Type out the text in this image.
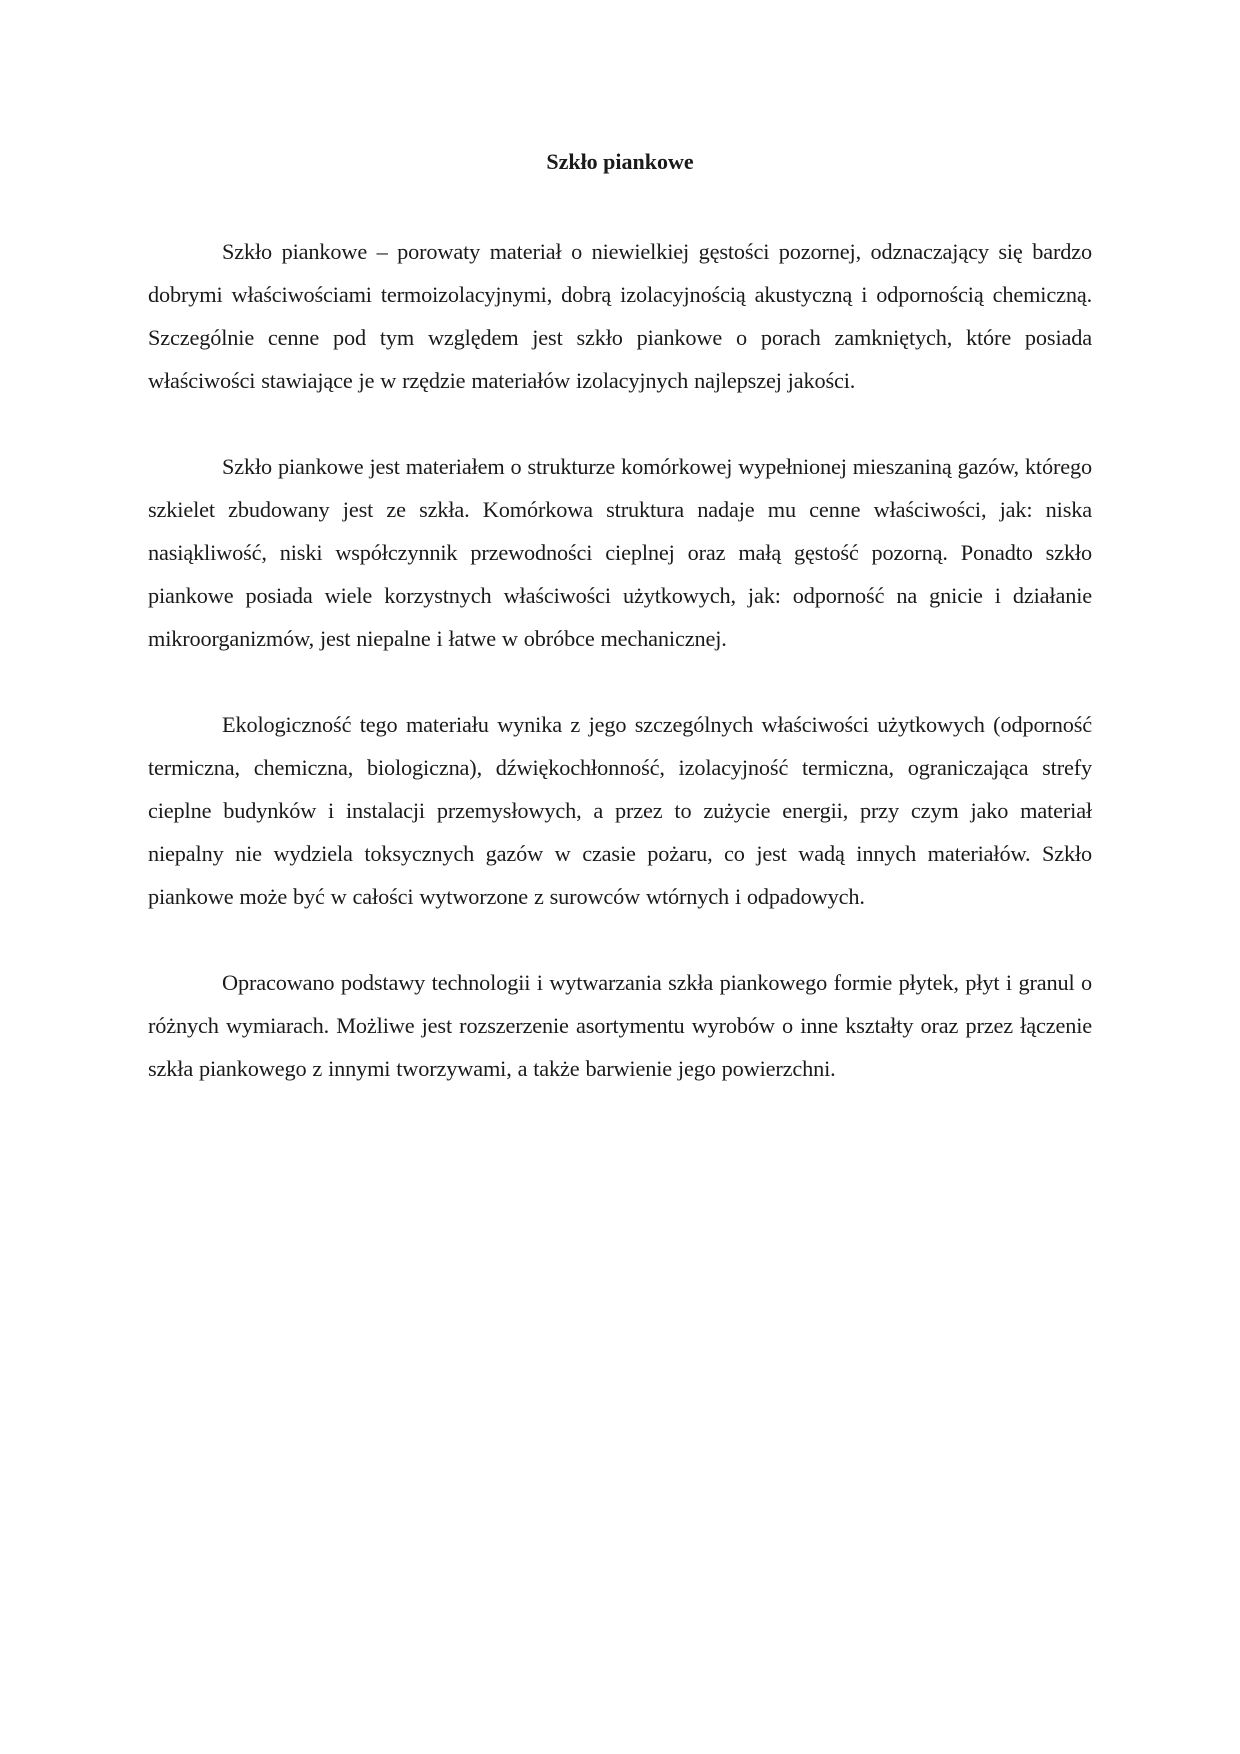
Szkło piankowe

Szkło piankowe – porowaty materiał o niewielkiej gęstości pozornej, odznaczający się bardzo dobrymi właściwościami termoizolacyjnymi, dobrą izolacyjnością akustyczną i odpornością chemiczną. Szczególnie cenne pod tym względem jest szkło piankowe o porach zamkniętych, które posiada właściwości stawiające je w rzędzie materiałów izolacyjnych najlepszej jakości.

Szkło piankowe jest materiałem o strukturze komórkowej wypełnionej mieszaniną gazów, którego szkielet zbudowany jest ze szkła. Komórkowa struktura nadaje mu cenne właściwości, jak: niska nasiąkliwość, niski współczynnik przewodności cieplnej oraz małą gęstość pozorną. Ponadto szkło piankowe posiada wiele korzystnych właściwości użytkowych, jak: odporność na gnicie i działanie mikroorganizmów, jest niepalne i łatwe w obróbce mechanicznej.

Ekologiczność tego materiału wynika z jego szczególnych właściwości użytkowych (odporność termiczna, chemiczna, biologiczna), dźwiękochłonność, izolacyjność termiczna, ograniczająca strefy cieplne budynków i instalacji przemysłowych, a przez to zużycie energii, przy czym jako materiał niepalny nie wydziela toksycznych gazów w czasie pożaru, co jest wadą innych materiałów. Szkło piankowe może być w całości wytworzone z surowców wtórnych i odpadowych.

Opracowano podstawy technologii i wytwarzania szkła piankowego formie płytek, płyt i granul o różnych wymiarach. Możliwe jest rozszerzenie asortymentu wyrobów o inne kształty oraz przez łączenie szkła piankowego z innymi tworzywami, a także barwienie jego powierzchni.
